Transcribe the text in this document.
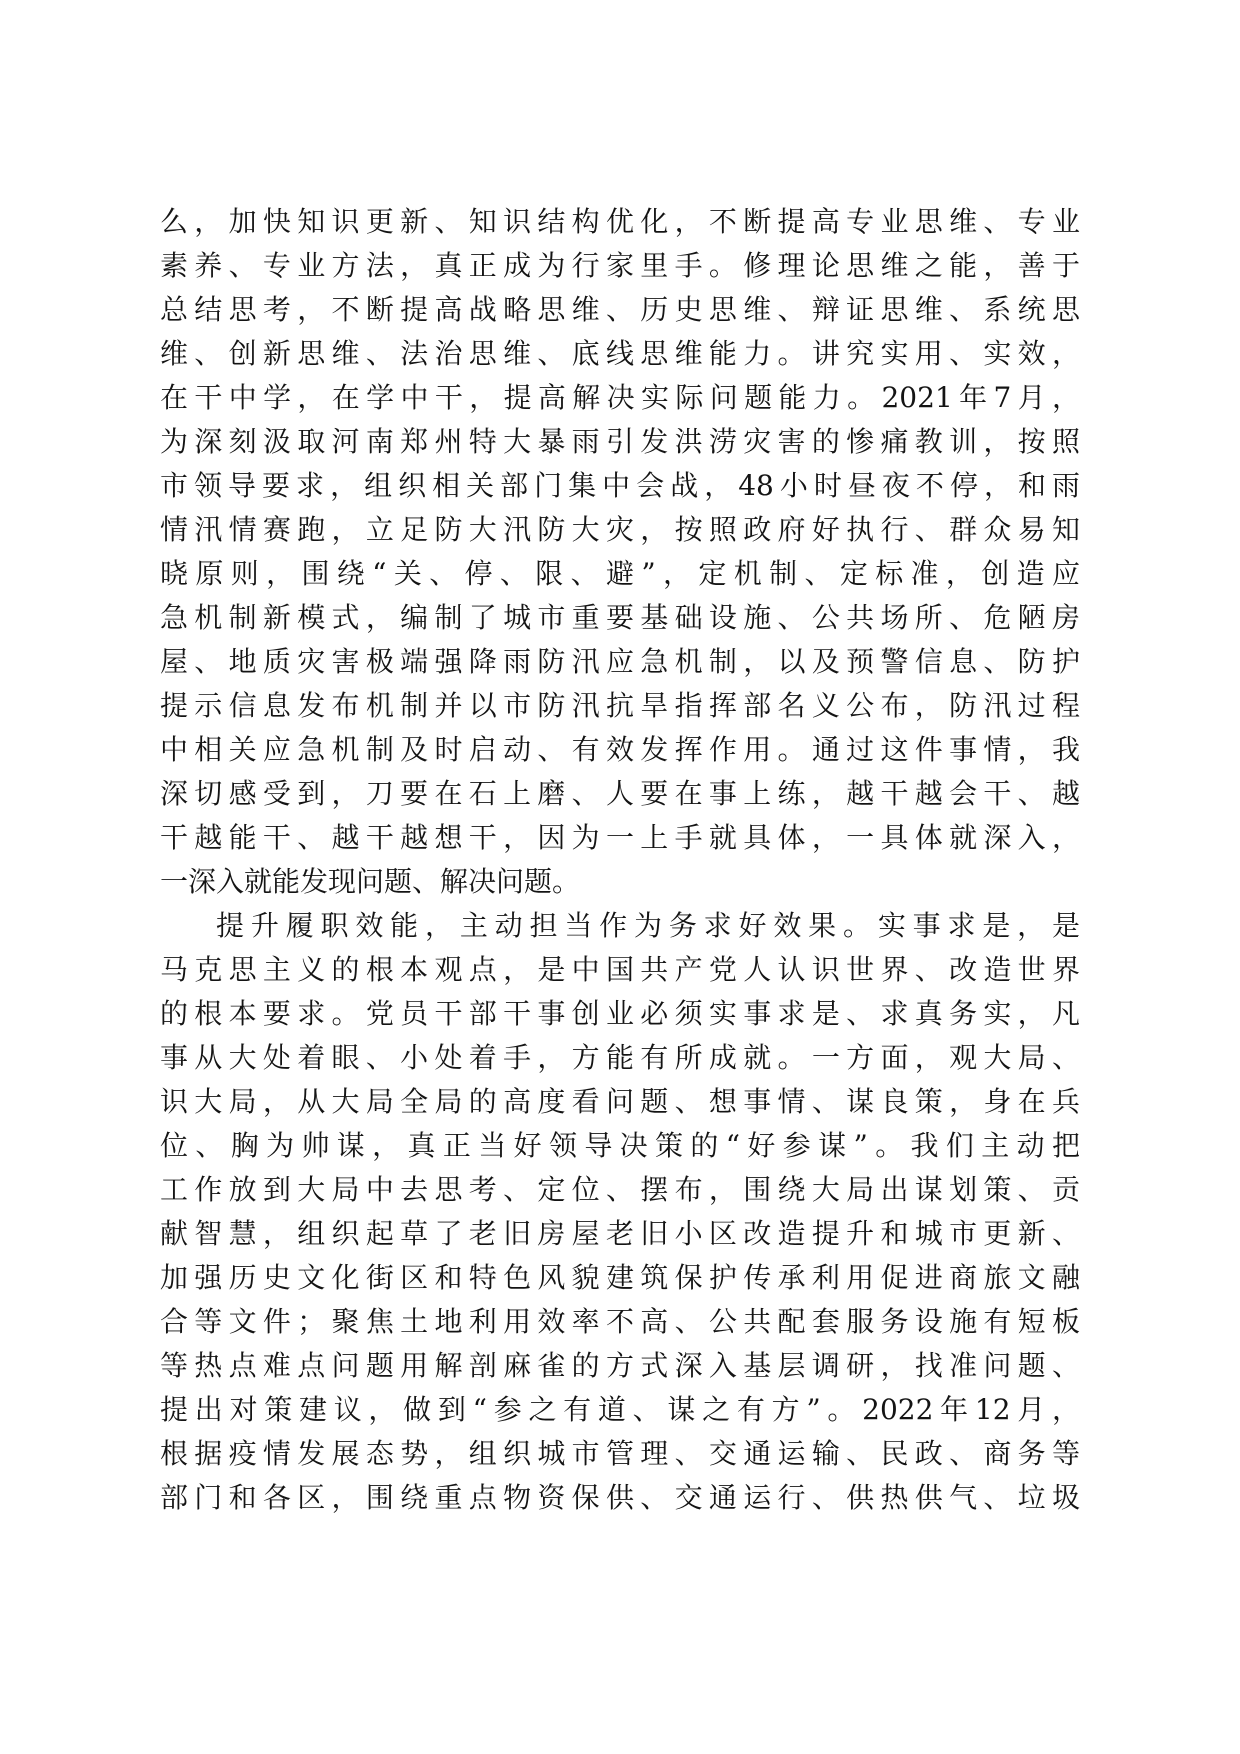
么，加快知识更新、知识结构优化，不断提高专业思维、专业
素养、专业方法，真正成为行家里手。修理论思维之能，善于
总结思考，不断提高战略思维、历史思维、辩证思维、系统思
维、创新思维、法治思维、底线思维能力。讲究实用、实效，
在干中学，在学中干，提高解决实际问题能力。2021年7月，
为深刻汲取河南郑州特大暴雨引发洪涝灾害的惨痛教训，按照
市领导要求，组织相关部门集中会战，48小时昼夜不停，和雨
情汛情赛跑，立足防大汛防大灾，按照政府好执行、群众易知
晓原则，围绕“关、停、限、避”，定机制、定标准，创造应
急机制新模式，编制了城市重要基础设施、公共场所、危陋房
屋、地质灾害极端强降雨防汛应急机制，以及预警信息、防护
提示信息发布机制并以市防汛抗旱指挥部名义公布，防汛过程
中相关应急机制及时启动、有效发挥作用。通过这件事情，我
深切感受到，刀要在石上磨、人要在事上练，越干越会干、越
干越能干、越干越想干，因为一上手就具体，一具体就深入，
一深入就能发现问题、解决问题。
提升履职效能，主动担当作为务求好效果。实事求是，是
马克思主义的根本观点，是中国共产党人认识世界、改造世界
的根本要求。党员干部干事创业必须实事求是、求真务实，凡
事从大处着眼、小处着手，方能有所成就。一方面，观大局、
识大局，从大局全局的高度看问题、想事情、谋良策，身在兵
位、胸为帅谋，真正当好领导决策的“好参谋”。我们主动把
工作放到大局中去思考、定位、摆布，围绕大局出谋划策、贡
献智慧，组织起草了老旧房屋老旧小区改造提升和城市更新、
加强历史文化街区和特色风貌建筑保护传承利用促进商旅文融
合等文件；聚焦土地利用效率不高、公共配套服务设施有短板
等热点难点问题用解剖麻雀的方式深入基层调研，找准问题、
提出对策建议，做到“参之有道、谋之有方”。2022年12月，
根据疫情发展态势，组织城市管理、交通运输、民政、商务等
部门和各区，围绕重点物资保供、交通运行、供热供气、垃圾
